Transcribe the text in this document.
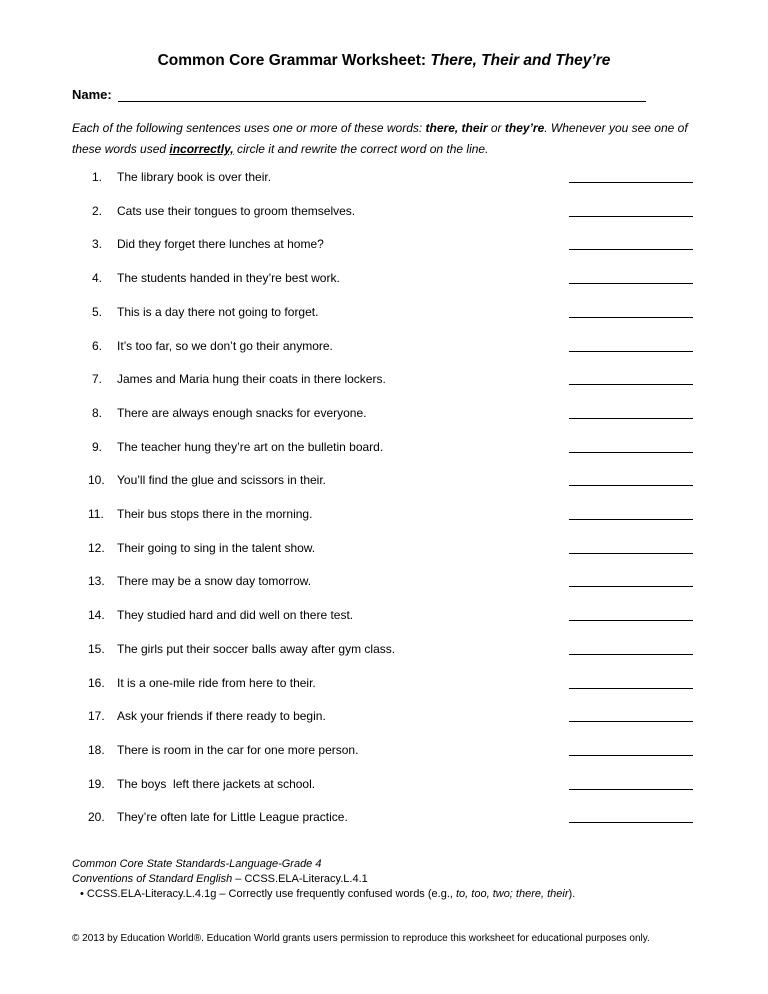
Common Core Grammar Worksheet: There, Their and They’re
Name:
Each of the following sentences uses one or more of these words: there, their or they’re. Whenever you see one of these words used incorrectly, circle it and rewrite the correct word on the line.
1. The library book is over their.
2. Cats use their tongues to groom themselves.
3. Did they forget there lunches at home?
4. The students handed in they’re best work.
5. This is a day there not going to forget.
6. It’s too far, so we don’t go their anymore.
7. James and Maria hung their coats in there lockers.
8. There are always enough snacks for everyone.
9. The teacher hung they’re art on the bulletin board.
10. You’ll find the glue and scissors in their.
11. Their bus stops there in the morning.
12. Their going to sing in the talent show.
13. There may be a snow day tomorrow.
14. They studied hard and did well on there test.
15. The girls put their soccer balls away after gym class.
16. It is a one-mile ride from here to their.
17. Ask your friends if there ready to begin.
18. There is room in the car for one more person.
19. The boys  left there jackets at school.
20. They’re often late for Little League practice.
Common Core State Standards-Language-Grade 4
Conventions of Standard English – CCSS.ELA-Literacy.L.4.1
• CCSS.ELA-Literacy.L.4.1g – Correctly use frequently confused words (e.g., to, too, two; there, their).
© 2013 by Education World®. Education World grants users permission to reproduce this worksheet for educational purposes only.
